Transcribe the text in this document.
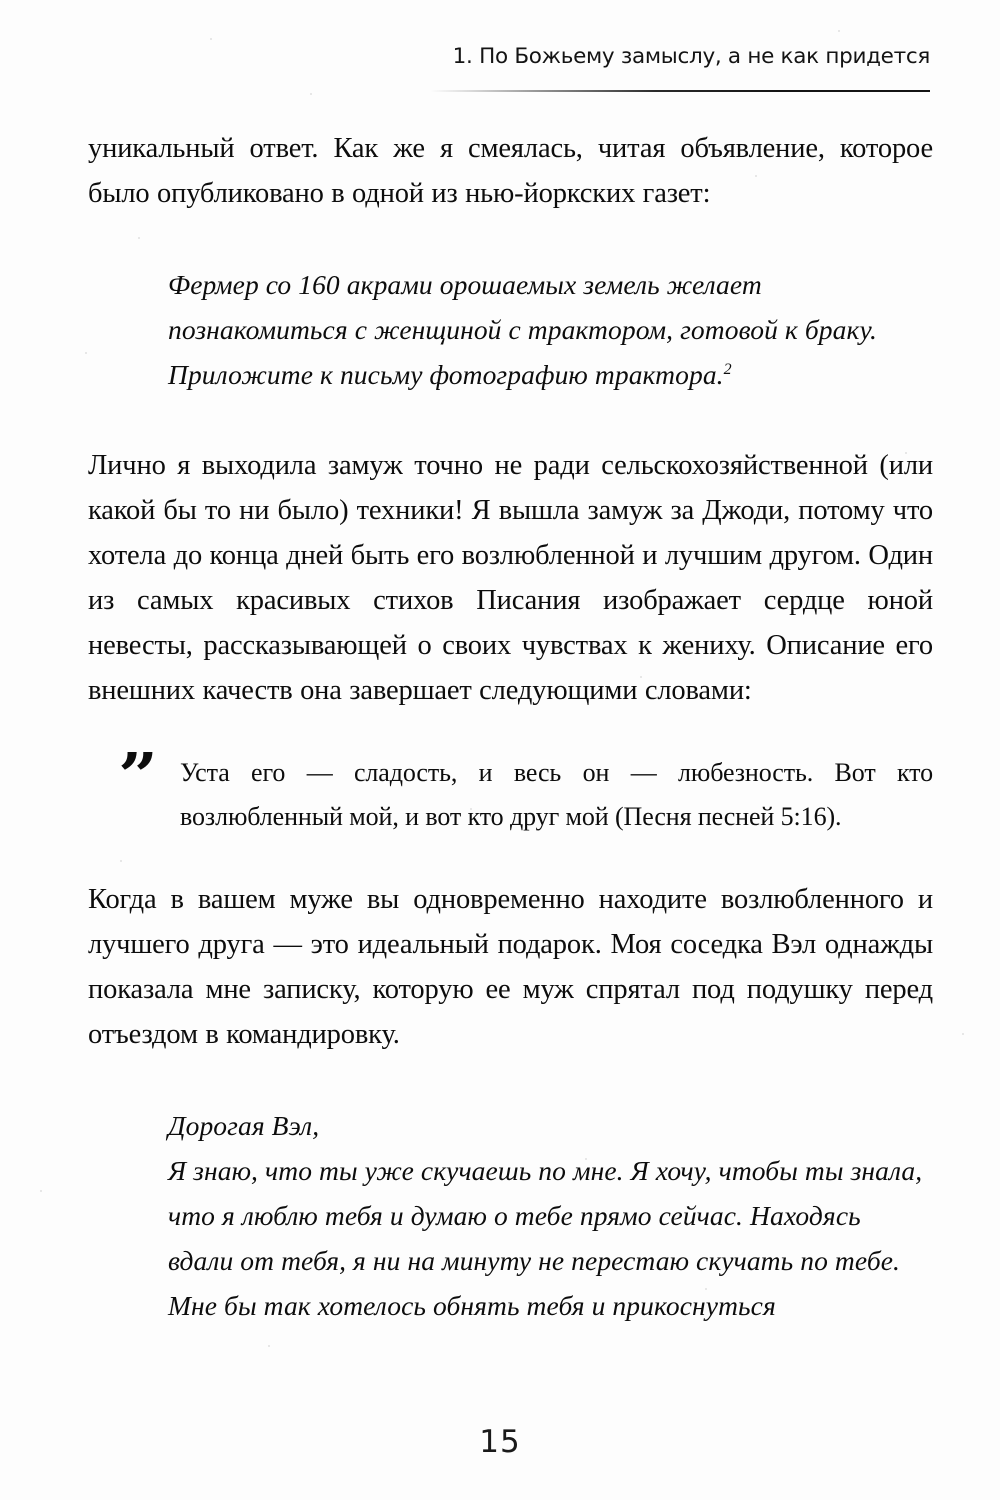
1. По Божьему замыслу, а не как придется

уникальный ответ. Как же я смеялась, читая объявление, которое было опубликовано в одной из нью-йоркских газет:

Фермер со 160 акрами орошаемых земель желает познакомиться с женщиной с трактором, готовой к браку. Приложите к письму фотографию трактора.$^2$

Лично я выходила замуж точно не ради сельскохозяйственной (или какой бы то ни было) техники! Я вышла замуж за Джоди, потому что хотела до конца дней быть его возлюбленной и лучшим другом. Один из самых красивых стихов Писания изображает сердце юной невесты, рассказывающей о своих чувствах к жениху. Описание его внешних качеств она завершает следующими словами:

” Уста его — сладость, и весь он — любезность. Вот кто возлюбленный мой, и вот кто друг мой (Песня песней 5:16).

Когда в вашем муже вы одновременно находите возлюбленного и лучшего друга — это идеальный подарок. Моя соседка Вэл однажды показала мне записку, которую ее муж спрятал под подушку перед отъездом в командировку.

Дорогая Вэл,

Я знаю, что ты уже скучаешь по мне. Я хочу, чтобы ты знала, что я люблю тебя и думаю о тебе прямо сейчас. Находясь вдали от тебя, я ни на минуту не перестаю скучать по тебе. Мне бы так хотелось обнять тебя и прикоснуться

15
